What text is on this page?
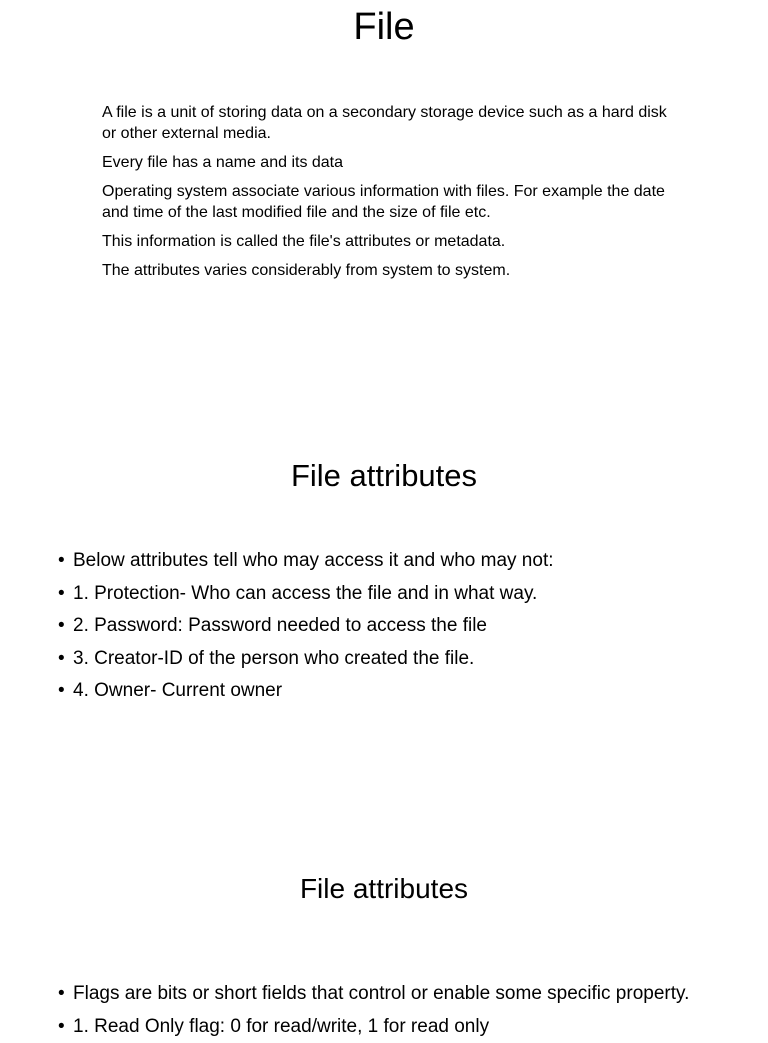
File

A file is a unit of storing data on a secondary storage device such as a hard disk or other external media.

Every file has a name and its data

Operating system associate various information with files. For example the date and time of the last modified file and the size of file etc.

This information is called the file's attributes or metadata.

The attributes varies considerably from system to system.

File attributes
• Below attributes tell who may access it and who may not:
• 1. Protection- Who can access the file and in what way.
• 2. Password: Password needed to access the file
• 3. Creator-ID of the person who created the file.
• 4. Owner- Current owner
File attributes
• Flags are bits or short fields that control or enable some specific property.
• 1. Read Only flag: 0 for read/write, 1 for read only
